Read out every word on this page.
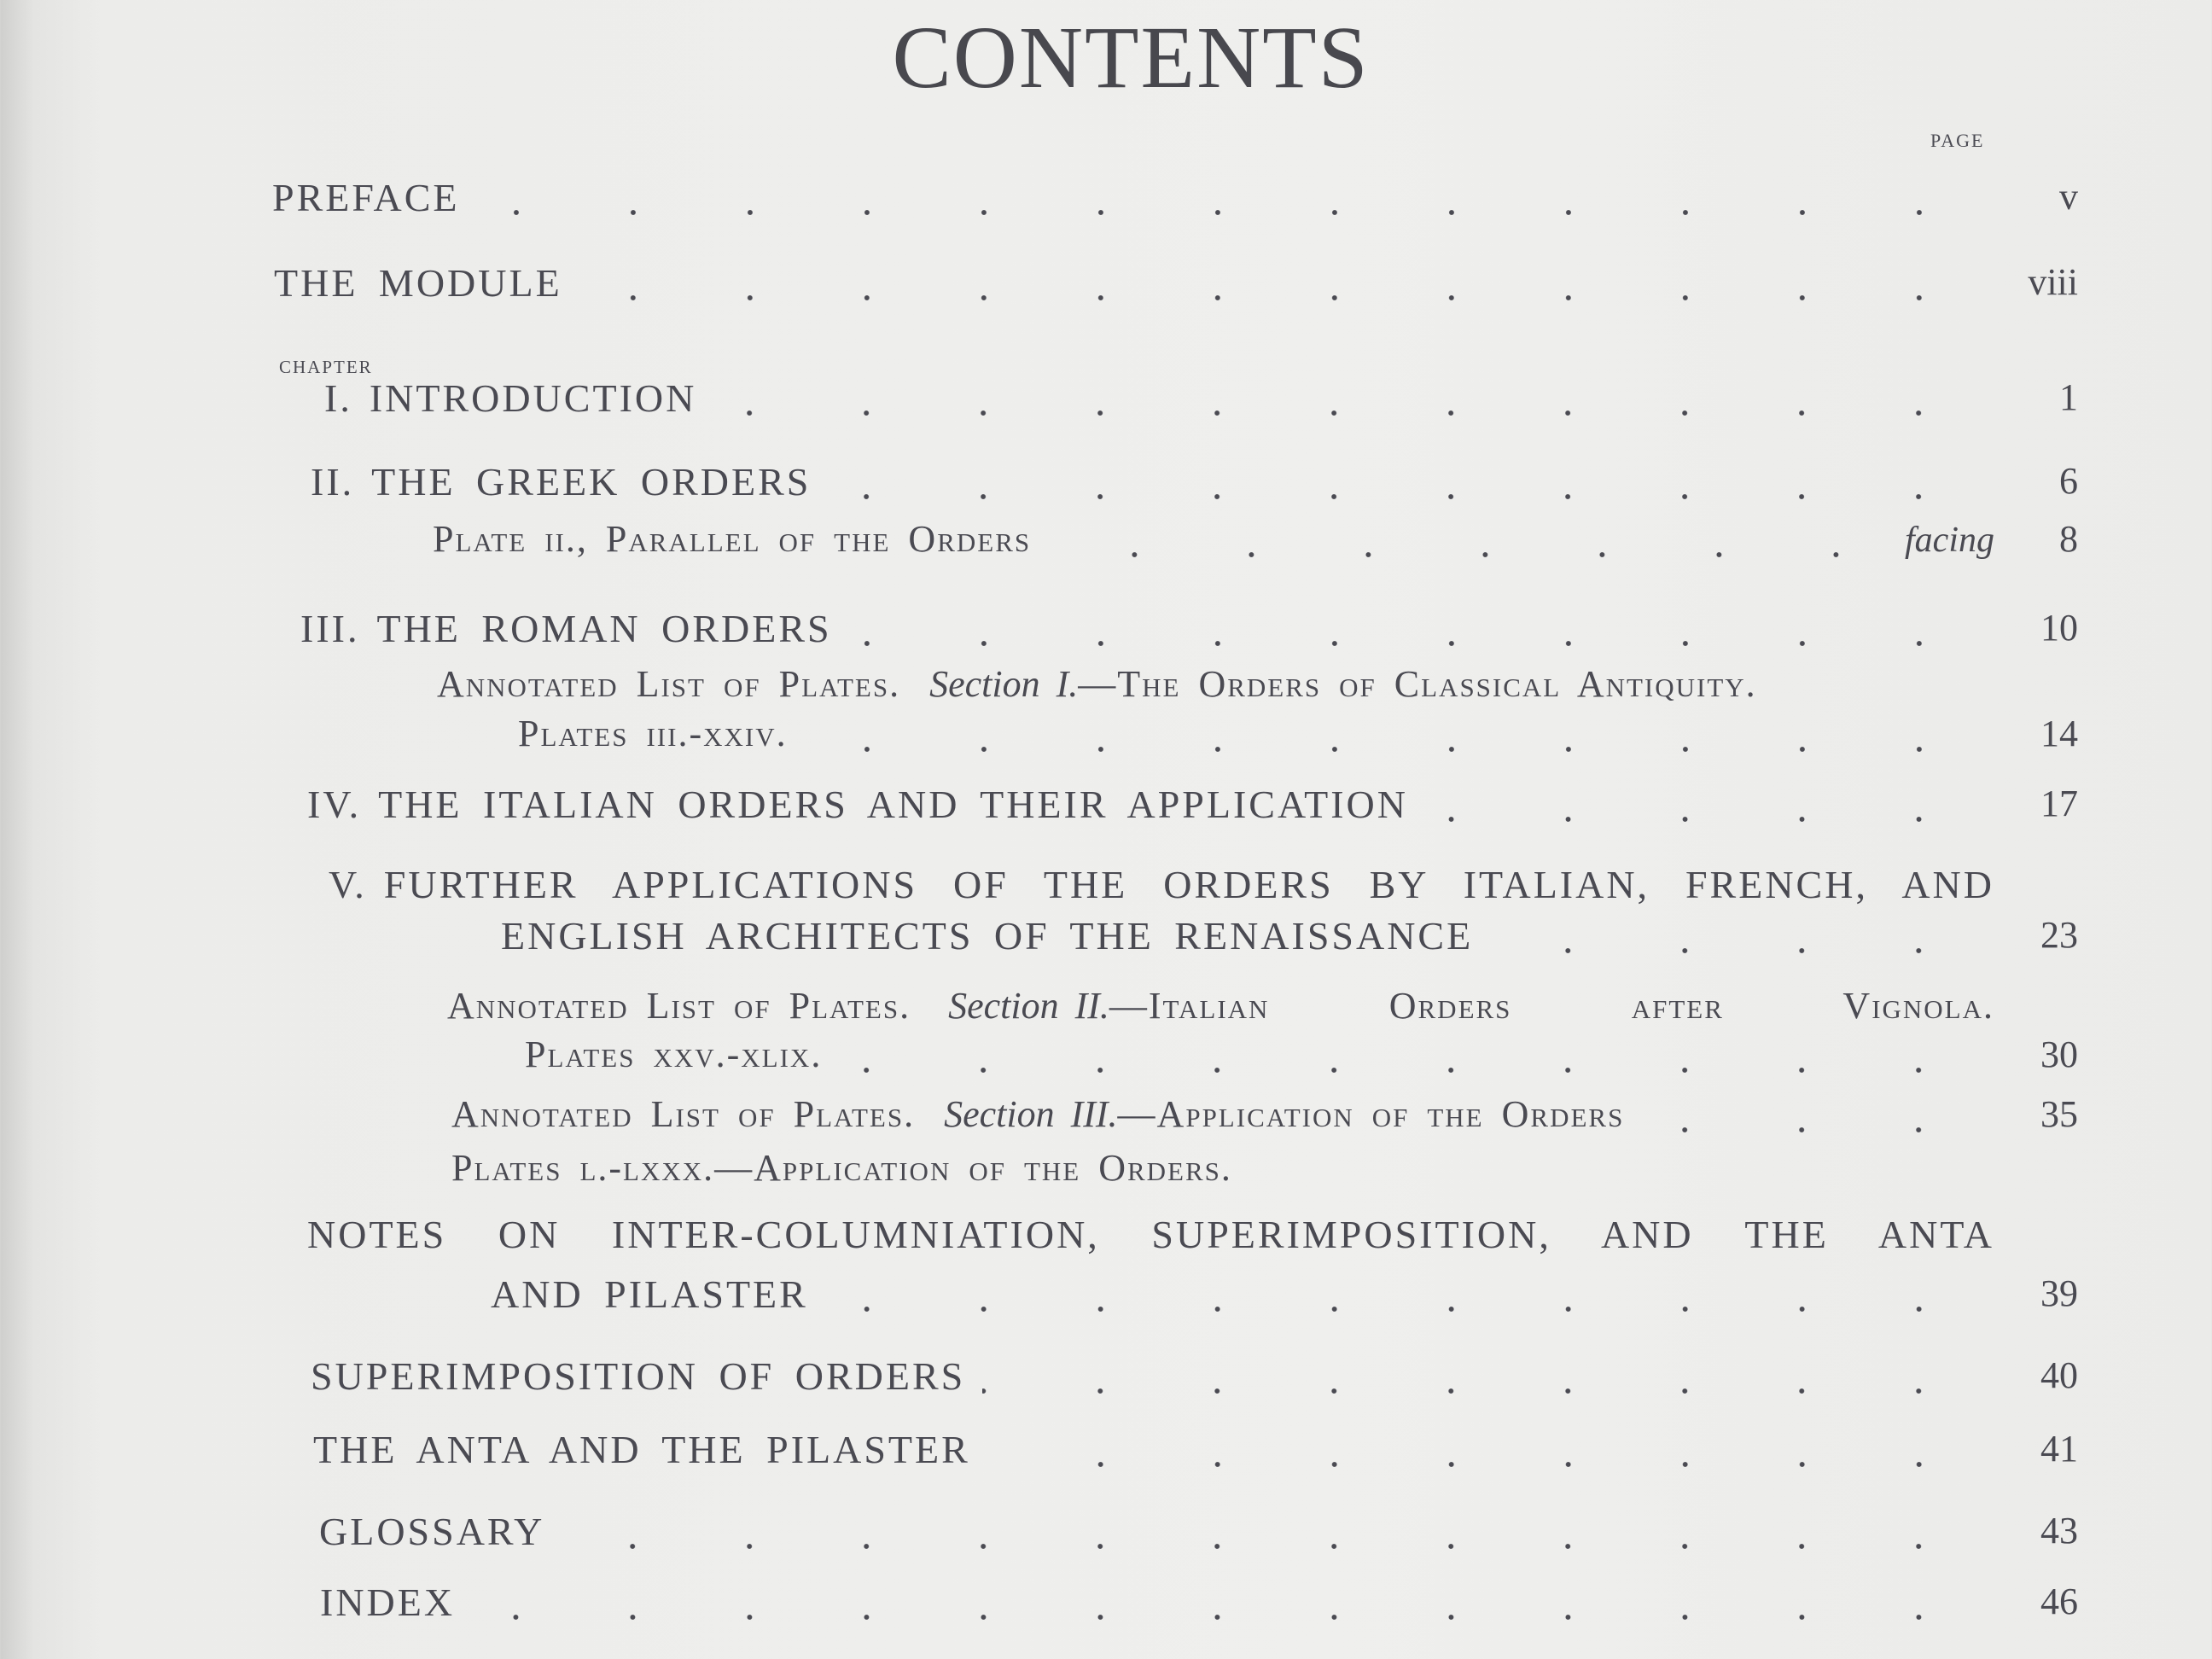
CONTENTS
PAGE
PREFACE	v
THE MODULE	viii
CHAPTER
I. INTRODUCTION	1
II. THE GREEK ORDERS	6
Plate ii., Parallel of the Orders	facing	8
III. THE ROMAN ORDERS	10
Annotated List of Plates. Section I. —The Orders of Classical Antiquity.
Plates iii.-xxiv.	14
IV. THE ITALIAN ORDERS AND THEIR APPLICATION	17
V. FURTHER APPLICATIONS OF THE ORDERS BY ITALIAN, FRENCH, AND
ENGLISH ARCHITECTS OF THE RENAISSANCE	23
Annotated List of Plates. Section II. —Italian Orders after Vignola.
Plates xxv.-xlix.	30
Annotated List of Plates. Section III. —Application of the Orders	35
Plates l.-lxxx.—Application of the Orders.
NOTES ON INTER-COLUMNIATION, SUPERIMPOSITION, AND THE ANTA
AND PILASTER	39
SUPERIMPOSITION OF ORDERS	40
THE ANTA AND THE PILASTER	41
GLOSSARY	43
INDEX	46
